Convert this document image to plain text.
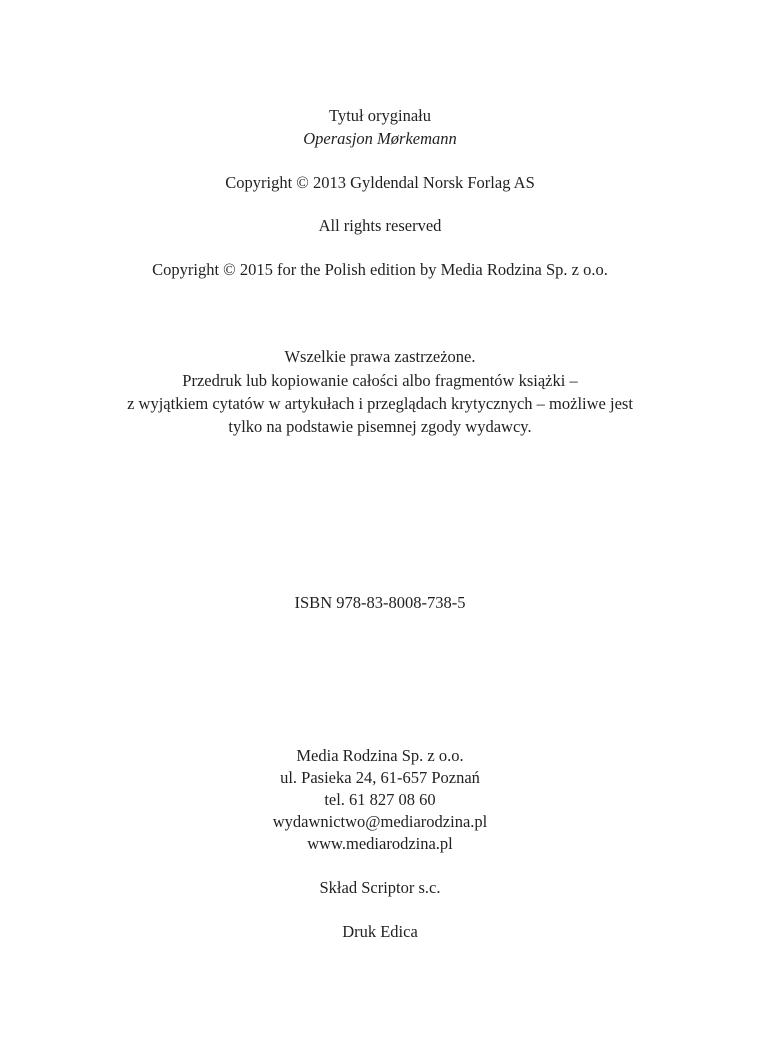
Tytuł oryginału
Operasjon Mørkemann
Copyright © 2013 Gyldendal Norsk Forlag AS
All rights reserved
Copyright © 2015 for the Polish edition by Media Rodzina Sp. z o.o.
Wszelkie prawa zastrzeżone.
Przedruk lub kopiowanie całości albo fragmentów książki –
z wyjątkiem cytatów w artykułach i przeglądach krytycznych – możliwe jest
tylko na podstawie pisemnej zgody wydawcy.
ISBN 978-83-8008-738-5
Media Rodzina Sp. z o.o.
ul. Pasieka 24, 61-657 Poznań
tel. 61 827 08 60
wydawnictwo@mediarodzina.pl
www.mediarodzina.pl
Skład Scriptor s.c.
Druk Edica
